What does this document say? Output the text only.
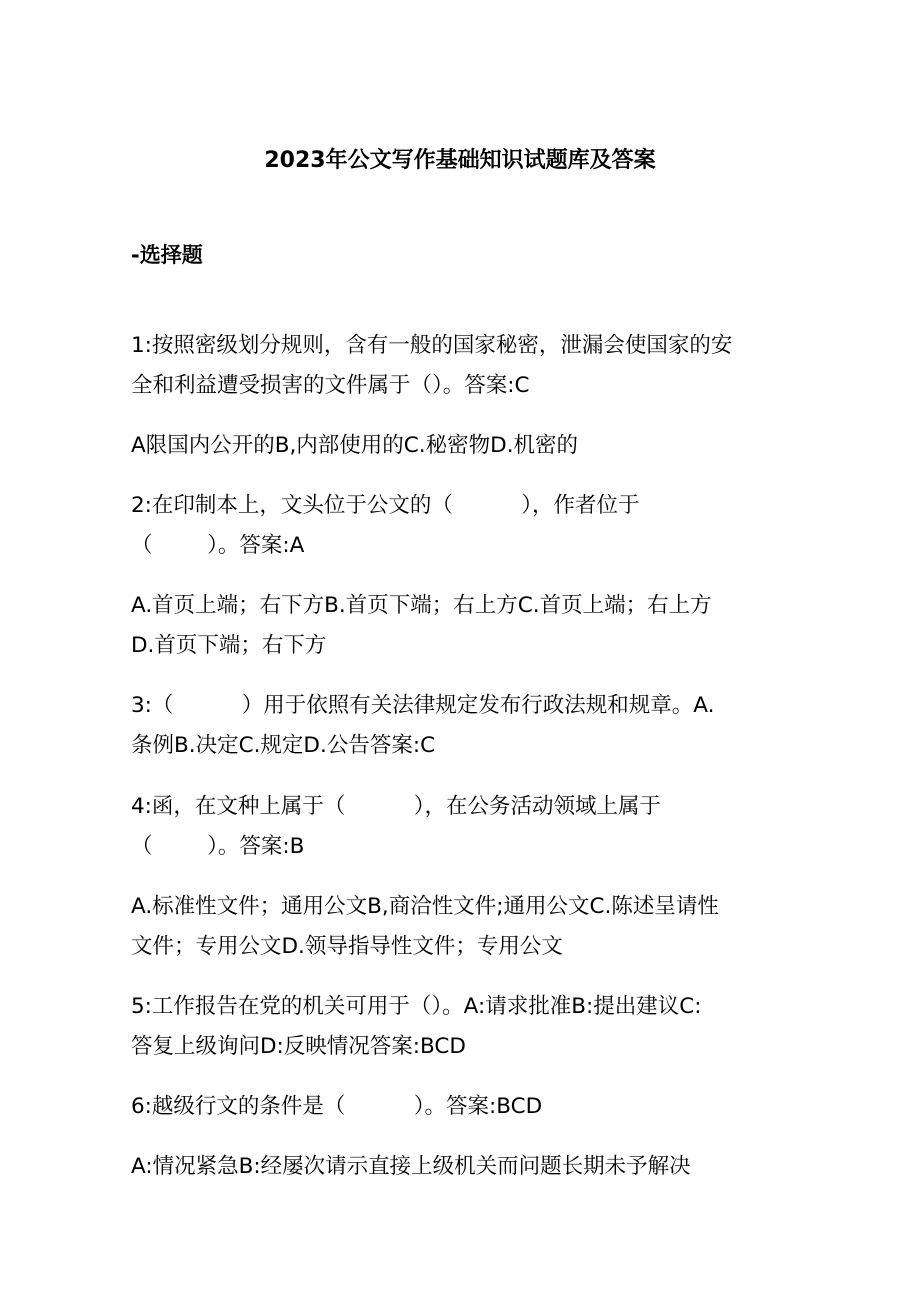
2023年公文写作基础知识试题库及答案
-选择题
1:按照密级划分规则，含有一般的国家秘密，泄漏会使国家的安
全和利益遭受损害的文件属于（）。答案:C
A限国内公开的B,内部使用的C.秘密物D.机密的
2:在印制本上，文头位于公文的（          ），作者位于
（        ）。答案:A
A.首页上端；右下方B.首页下端；右上方C.首页上端；右上方
D.首页下端；右下方
3:（          ）用于依照有关法律规定发布行政法规和规章。A.
条例B.决定C.规定D.公告答案:C
4:函，在文种上属于（          ），在公务活动领域上属于
（        ）。答案:B
A.标准性文件；通用公文B,商洽性文件;通用公文C.陈述呈请性
文件；专用公文D.领导指导性文件；专用公文
5:工作报告在党的机关可用于（）。A:请求批准B:提出建议C:
答复上级询问D:反映情况答案:BCD
6:越级行文的条件是（          ）。答案:BCD
A:情况紧急B:经屡次请示直接上级机关而问题长期未予解决
